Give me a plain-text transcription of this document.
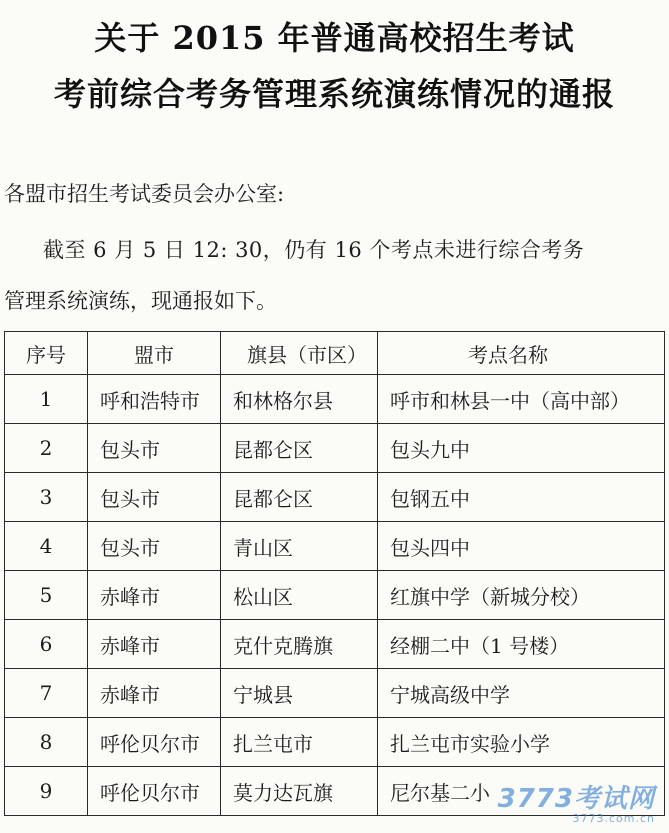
关于 2015 年普通高校招生考试
考前综合考务管理系统演练情况的通报
各盟市招生考试委员会办公室:
截至 6 月 5 日 12: 30，仍有 16 个考点未进行综合考务
管理系统演练，现通报如下。
序号	盟市	旗县（市区）	考点名称
1	呼和浩特市	和林格尔县	呼市和林县一中（高中部）
2	包头市	昆都仑区	包头九中
3	包头市	昆都仑区	包钢五中
4	包头市	青山区	包头四中
5	赤峰市	松山区	红旗中学（新城分校）
6	赤峰市	克什克腾旗	经棚二中（1 号楼）
7	赤峰市	宁城县	宁城高级中学
8	呼伦贝尔市	扎兰屯市	扎兰屯市实验小学
9	呼伦贝尔市	莫力达瓦旗	尼尔基二小 3773考试网
3773.com.cn
